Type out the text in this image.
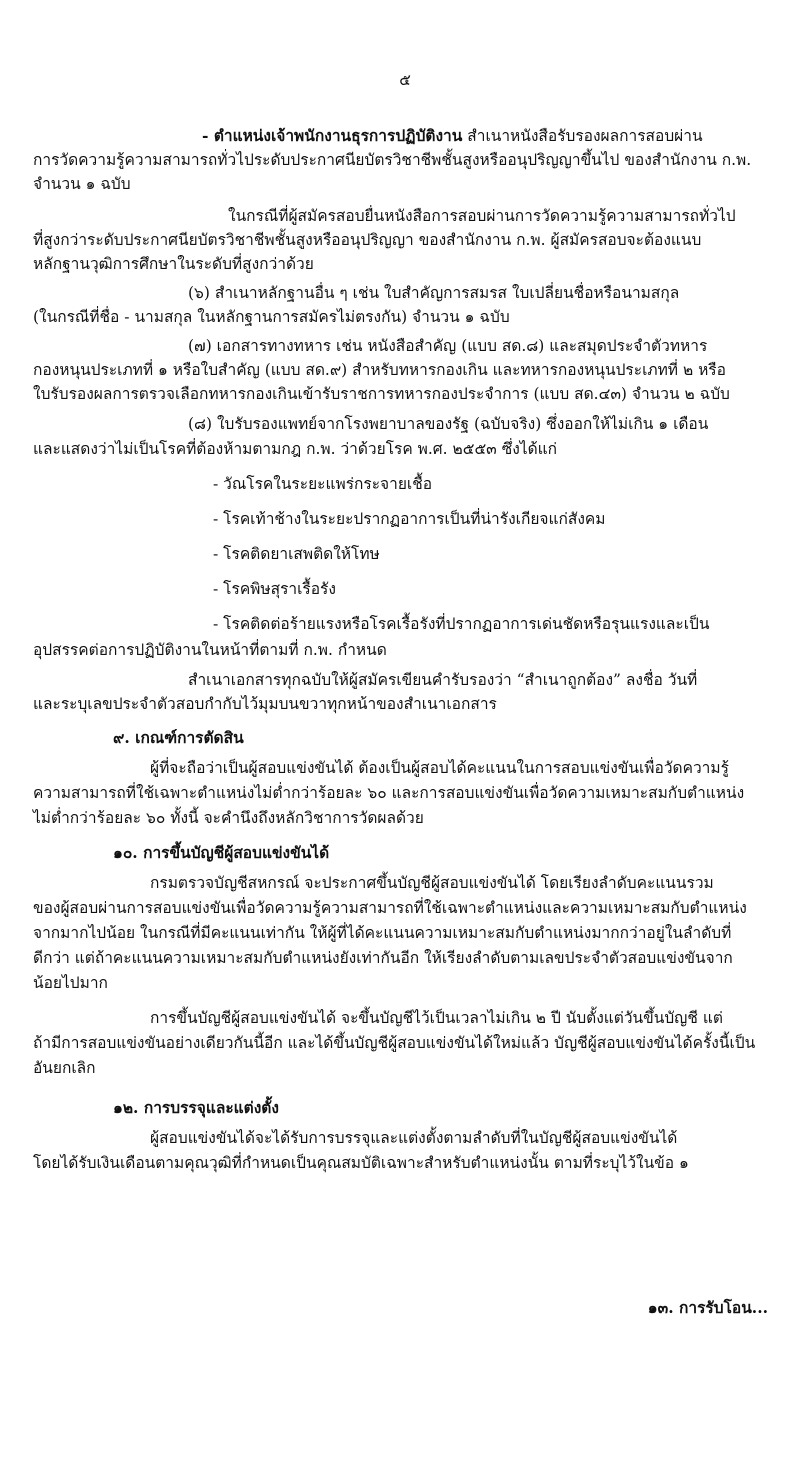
๕
- ตำแหน่งเจ้าพนักงานธุรการปฏิบัติงาน สำเนาหนังสือรับรองผลการสอบผ่าน
การวัดความรู้ความสามารถทั่วไประดับประกาศนียบัตรวิชาชีพชั้นสูงหรืออนุปริญญาขึ้นไป ของสำนักงาน ก.พ.
จำนวน ๑ ฉบับ
ในกรณีที่ผู้สมัครสอบยื่นหนังสือการสอบผ่านการวัดความรู้ความสามารถทั่วไป
ที่สูงกว่าระดับประกาศนียบัตรวิชาชีพชั้นสูงหรืออนุปริญญา ของสำนักงาน ก.พ. ผู้สมัครสอบจะต้องแนบ
หลักฐานวุฒิการศึกษาในระดับที่สูงกว่าด้วย
(๖) สำเนาหลักฐานอื่น ๆ เช่น ใบสำคัญการสมรส ใบเปลี่ยนชื่อหรือนามสกุล
(ในกรณีที่ชื่อ - นามสกุล ในหลักฐานการสมัครไม่ตรงกัน) จำนวน ๑ ฉบับ
(๗) เอกสารทางทหาร เช่น หนังสือสำคัญ (แบบ สด.๘) และสมุดประจำตัวทหาร
กองหนุนประเภทที่ ๑ หรือใบสำคัญ (แบบ สด.๙) สำหรับทหารกองเกิน และทหารกองหนุนประเภทที่ ๒ หรือ
ใบรับรองผลการตรวจเลือกทหารกองเกินเข้ารับราชการทหารกองประจำการ (แบบ สด.๔๓) จำนวน ๒ ฉบับ
(๘) ใบรับรองแพทย์จากโรงพยาบาลของรัฐ (ฉบับจริง) ซึ่งออกให้ไม่เกิน ๑ เดือน
และแสดงว่าไม่เป็นโรคที่ต้องห้ามตามกฎ ก.พ. ว่าด้วยโรค พ.ศ. ๒๕๕๓ ซึ่งได้แก่
- วัณโรคในระยะแพร่กระจายเชื้อ
- โรคเท้าช้างในระยะปรากฏอาการเป็นที่น่ารังเกียจแก่สังคม
- โรคติดยาเสพติดให้โทษ
- โรคพิษสุราเรื้อรัง
- โรคติดต่อร้ายแรงหรือโรคเรื้อรังที่ปรากฏอาการเด่นชัดหรือรุนแรงและเป็น
อุปสรรคต่อการปฏิบัติงานในหน้าที่ตามที่ ก.พ. กำหนด
สำเนาเอกสารทุกฉบับให้ผู้สมัครเขียนคำรับรองว่า “สำเนาถูกต้อง” ลงชื่อ วันที่
และระบุเลขประจำตัวสอบกำกับไว้มุมบนขวาทุกหน้าของสำเนาเอกสาร
๙. เกณฑ์การตัดสิน
ผู้ที่จะถือว่าเป็นผู้สอบแข่งขันได้ ต้องเป็นผู้สอบได้คะแนนในการสอบแข่งขันเพื่อวัดความรู้
ความสามารถที่ใช้เฉพาะตำแหน่งไม่ต่ำกว่าร้อยละ ๖๐ และการสอบแข่งขันเพื่อวัดความเหมาะสมกับตำแหน่ง
ไม่ต่ำกว่าร้อยละ ๖๐ ทั้งนี้ จะคำนึงถึงหลักวิชาการวัดผลด้วย
๑๐. การขึ้นบัญชีผู้สอบแข่งขันได้
กรมตรวจบัญชีสหกรณ์ จะประกาศขึ้นบัญชีผู้สอบแข่งขันได้ โดยเรียงลำดับคะแนนรวม
ของผู้สอบผ่านการสอบแข่งขันเพื่อวัดความรู้ความสามารถที่ใช้เฉพาะตำแหน่งและความเหมาะสมกับตำแหน่ง
จากมากไปน้อย ในกรณีที่มีคะแนนเท่ากัน ให้ผู้ที่ได้คะแนนความเหมาะสมกับตำแหน่งมากกว่าอยู่ในลำดับที่
ดีกว่า แต่ถ้าคะแนนความเหมาะสมกับตำแหน่งยังเท่ากันอีก ให้เรียงลำดับตามเลขประจำตัวสอบแข่งขันจาก
น้อยไปมาก
การขึ้นบัญชีผู้สอบแข่งขันได้ จะขึ้นบัญชีไว้เป็นเวลาไม่เกิน ๒ ปี นับตั้งแต่วันขึ้นบัญชี แต่
ถ้ามีการสอบแข่งขันอย่างเดียวกันนี้อีก และได้ขึ้นบัญชีผู้สอบแข่งขันได้ใหม่แล้ว บัญชีผู้สอบแข่งขันได้ครั้งนี้เป็น
อันยกเลิก
๑๒. การบรรจุและแต่งตั้ง
ผู้สอบแข่งขันได้จะได้รับการบรรจุและแต่งตั้งตามลำดับที่ในบัญชีผู้สอบแข่งขันได้
โดยได้รับเงินเดือนตามคุณวุฒิที่กำหนดเป็นคุณสมบัติเฉพาะสำหรับตำแหน่งนั้น ตามที่ระบุไว้ในข้อ ๑
๑๓. การรับโอน...
